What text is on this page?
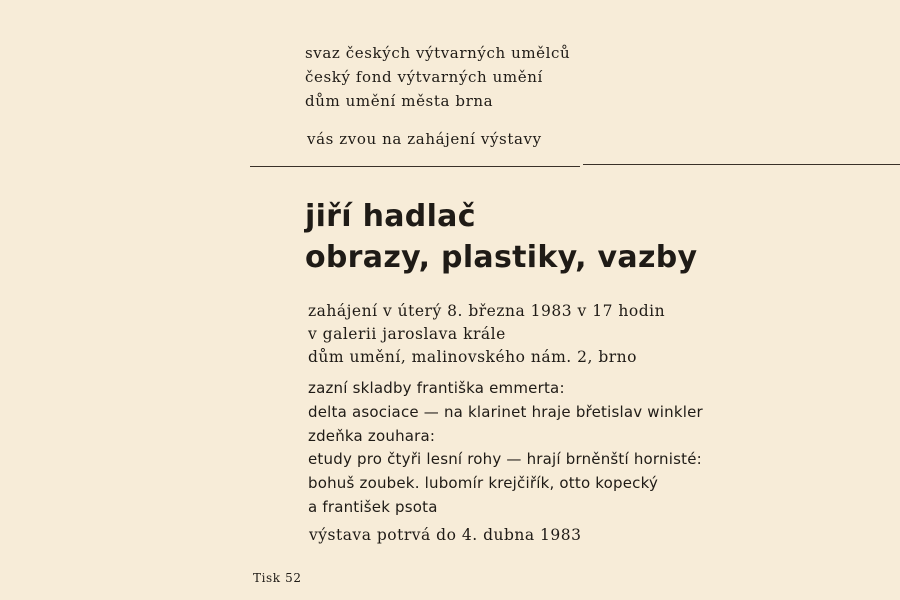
svaz českých výtvarných umělců
český fond výtvarných umění
dům umění města brna
vás zvou na zahájení výstavy
jiří hadlač
obrazy, plastiky, vazby
zahájení v úterý 8. března 1983 v 17 hodin
v galerii jaroslava krále
dům umění, malinovského nám. 2, brno
zazní skladby františka emmerta:
delta asociace — na klarinet hraje břetislav winkler
zdeňka zouhara:
etudy pro čtyři lesní rohy — hrají brněnští hornisté:
bohuš zoubek. lubomír krejčiřík, otto kopecký
a františek psota
výstava potrvá do 4. dubna 1983
Tisk 52
